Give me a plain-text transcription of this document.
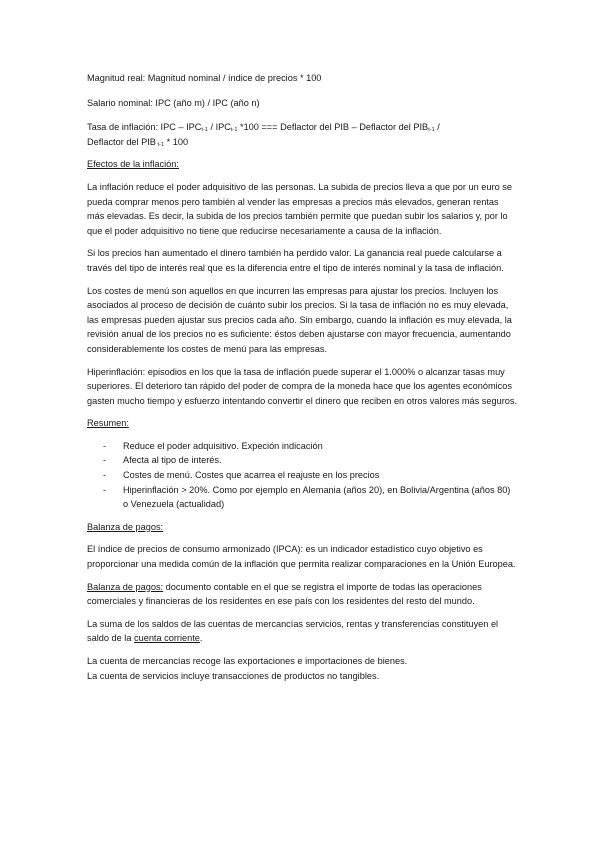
Magnitud real: Magnitud nominal / índice de precios * 100

Salario nominal: IPC (año m) / IPC (año n)

Tasa de inflación: IPC – $IPC_{t-1} / IPC_{t-1}$ *100 === Deflactor del PIB – Deflactor del $PIB_{t-1}$ /
Deflactor del PIB $_{t-1}$ * 100

Efectos de la inflación:

La inflación reduce el poder adquisitivo de las personas. La subida de precios lleva a que por un euro se pueda comprar menos pero también al vender las empresas a precios más elevados, generan rentas más elevadas. Es decir, la subida de los precios también permite que puedan subir los salarios y, por lo que el poder adquisitivo no tiene que reducirse necesariamente a causa de la inflación.

Si los precios han aumentado el dinero también ha perdido valor. La ganancia real puede calcularse a través del tipo de interés real que es la diferencia entre el tipo de interés nominal y la tasa de inflación.

Los costes de menú son aquellos en que incurren las empresas para ajustar los precios. Incluyen los asociados al proceso de decisión de cuánto subir los precios. Si la tasa de inflación no es muy elevada, las empresas pueden ajustar sus precios cada año. Sin embargo, cuando la inflación es muy elevada, la revisión anual de los precios no es suficiente: éstos deben ajustarse con mayor frecuencia, aumentando considerablemente los costes de menú para las empresas.

Hiperinflación: episodios en los que la tasa de inflación puede superar el 1.000% o alcanzar tasas muy superiores. El deterioro tan rápido del poder de compra de la moneda hace que los agentes económicos gasten mucho tiempo y esfuerzo intentando convertir el dinero que reciben en otros valores más seguros.

Resumen:

- Reduce el poder adquisitivo. Expeción indicación
- Afecta al tipo de interés.
- Costes de menú. Costes que acarrea el reajuste en los precios
- Hiperinflación > 20%. Como por ejemplo en Alemania (años 20), en Bolivia/Argentina (años 80) o Venezuela (actualidad)

Balanza de pagos:

El índice de precios de consumo armonizado (IPCA): es un indicador estadístico cuyo objetivo es proporcionar una medida común de la inflación que permita realizar comparaciones en la Unión Europea.

Balanza de pagos: documento contable en el que se registra el importe de todas las operaciones comerciales y financieras de los residentes en ese país con los residentes del resto del mundo.

La suma de los saldos de las cuentas de mercancías servicios, rentas y transferencias constituyen el saldo de la cuenta corriente.

La cuenta de mercancías recoge las exportaciones e importaciones de bienes.
La cuenta de servicios incluye transacciones de productos no tangibles.
